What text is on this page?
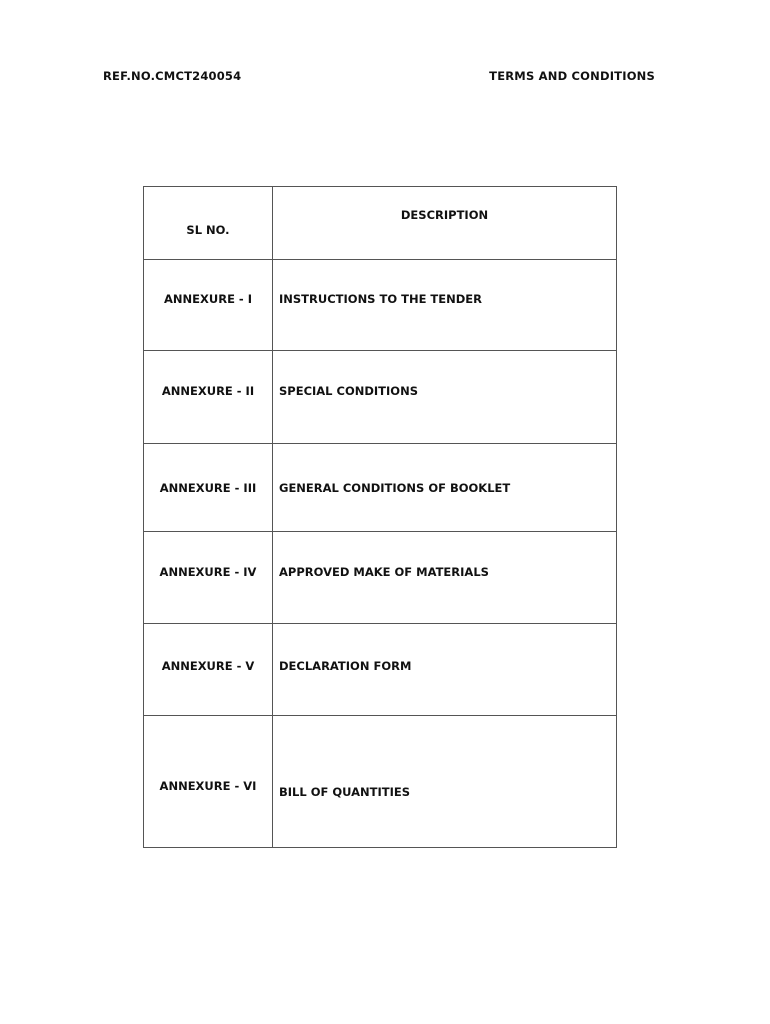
REF.NO.CMCT240054	TERMS AND CONDITIONS
SL NO.	DESCRIPTION
ANNEXURE - I	INSTRUCTIONS TO THE TENDER
ANNEXURE - II	SPECIAL CONDITIONS
ANNEXURE - III	GENERAL CONDITIONS OF BOOKLET
ANNEXURE - IV	APPROVED MAKE OF MATERIALS
ANNEXURE - V	DECLARATION FORM
ANNEXURE - VI	BILL OF QUANTITIES
